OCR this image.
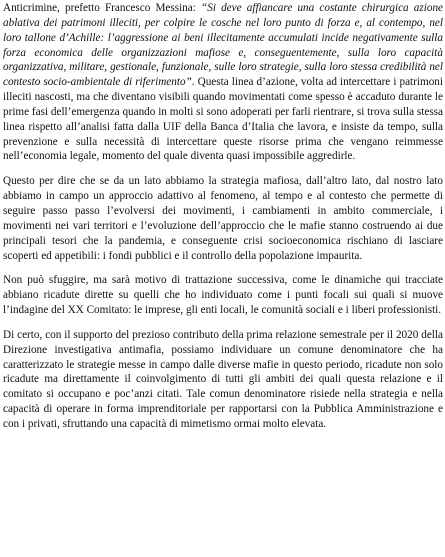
Anticrimine, prefetto Francesco Messina: “Si deve affiancare una costante chirurgica azione ablativa dei patrimoni illeciti, per colpire le cosche nel loro punto di forza e, al contempo, nel loro tallone d’Achille: l’aggressione ai beni illecitamente accumulati incide negativamente sulla forza economica delle organizzazioni mafiose e, conseguentemente, sulla loro capacità organizzativa, militare, gestionale, funzionale, sulle loro strategie, sulla loro stessa credibilità nel contesto socio-ambientale di riferimento”. Questa linea d’azione, volta ad intercettare i patrimoni illeciti nascosti, ma che diventano visibili quando movimentati come spesso è accaduto durante le prime fasi dell’emergenza quando in molti si sono adoperati per farli rientrare, si trova sulla stessa linea rispetto all’analisi fatta dalla UIF della Banca d’Italia che lavora, e insiste da tempo, sulla prevenzione e sulla necessità di intercettare queste risorse prima che vengano reimmesse nell’economia legale, momento del quale diventa quasi impossibile aggredirle.

Questo per dire che se da un lato abbiamo la strategia mafiosa, dall’altro lato, dal nostro lato abbiamo in campo un approccio adattivo al fenomeno, al tempo e al contesto che permette di seguire passo passo l’evolversi dei movimenti, i cambiamenti in ambito commerciale, i movimenti nei vari territori e l’evoluzione dell’approccio che le mafie stanno costruendo ai due principali tesori che la pandemia, e conseguente crisi socioeconomica rischiano di lasciare scoperti ed appetibili: i fondi pubblici e il controllo della popolazione impaurita.

Non può sfuggire, ma sarà motivo di trattazione successiva, come le dinamiche qui tracciate abbiano ricadute dirette su quelli che ho individuato come i punti focali sui quali si muove l’indagine del XX Comitato: le imprese, gli enti locali, le comunità sociali e i liberi professionisti.

Di certo, con il supporto del prezioso contributo della prima relazione semestrale per il 2020 della Direzione investigativa antimafia, possiamo individuare un comune denominatore che ha caratterizzato le strategie messe in campo dalle diverse mafie in questo periodo, ricadute non solo ricadute ma direttamente il coinvolgimento di tutti gli ambiti dei quali questa relazione e il comitato si occupano e poc’anzi citati. Tale comun denominatore risiede nella strategia e nella capacità di operare in forma imprenditoriale per rapportarsi con la Pubblica Amministrazione e con i privati, sfruttando una capacità di mimetismo ormai molto elevata.
